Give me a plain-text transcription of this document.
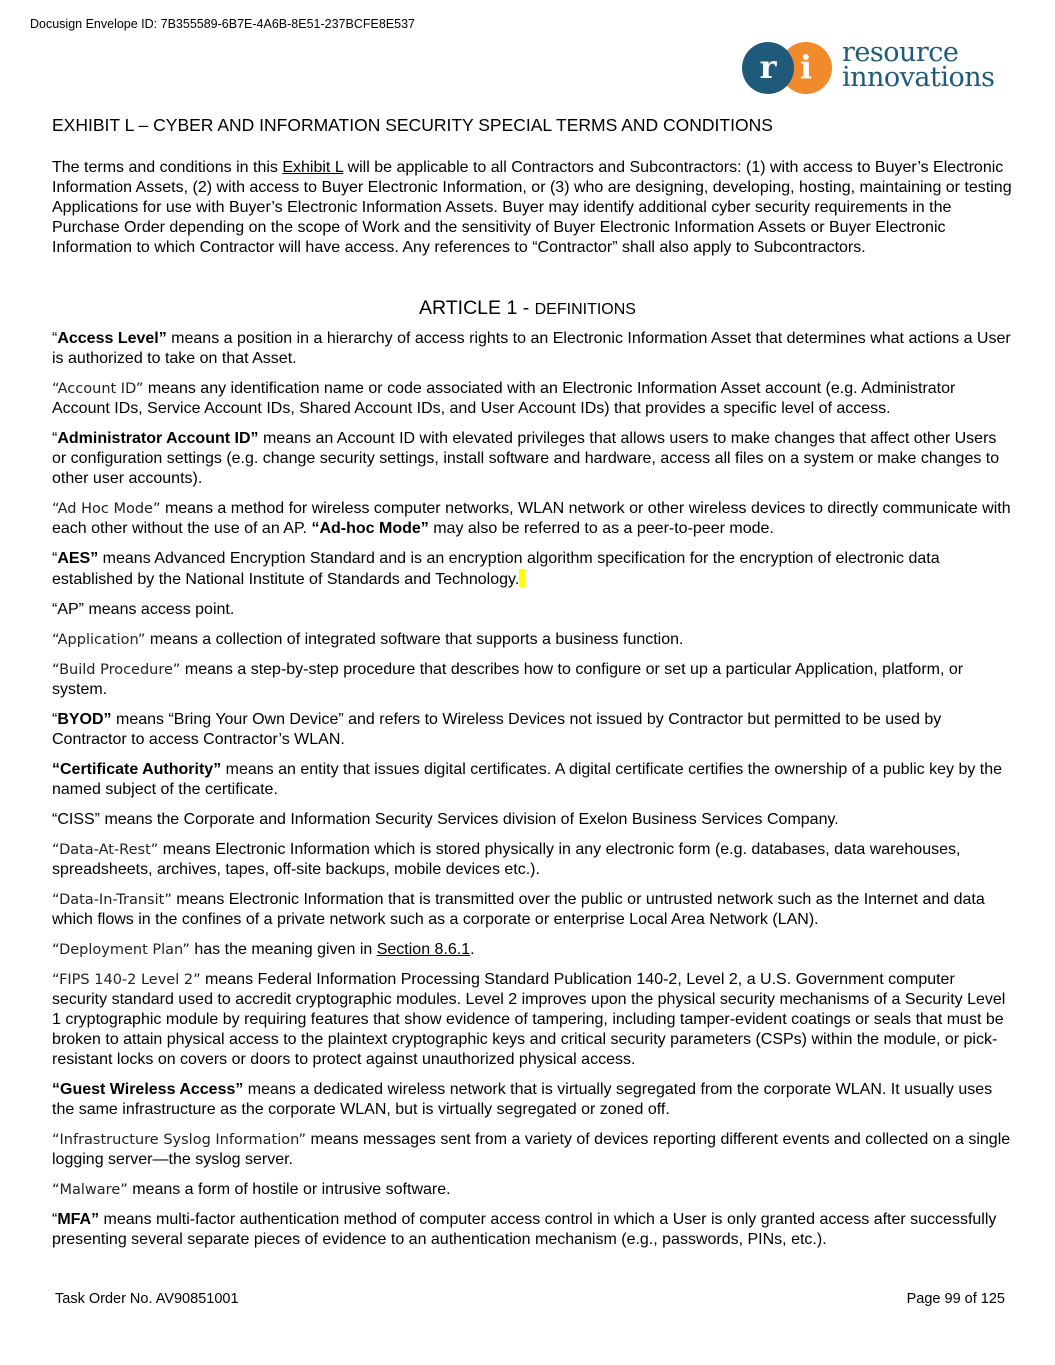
Docusign Envelope ID: 7B355589-6B7E-4A6B-8E51-237BCFE8E537
i
r	resource
innovations
EXHIBIT L – CYBER AND INFORMATION SECURITY SPECIAL TERMS AND CONDITIONS

The terms and conditions in this Exhibit L will be applicable to all Contractors and Subcontractors: (1) with access to Buyer’s Electronic Information Assets, (2) with access to Buyer Electronic Information, or (3) who are designing, developing, hosting, maintaining or testing Applications for use with Buyer’s Electronic Information Assets. Buyer may identify additional cyber security requirements in the Purchase Order depending on the scope of Work and the sensitivity of Buyer Electronic Information Assets or Buyer Electronic Information to which Contractor will have access. Any references to “Contractor” shall also apply to Subcontractors.

ARTICLE 1 - DEFINITIONS

“Access Level” means a position in a hierarchy of access rights to an Electronic Information Asset that determines what actions a User is authorized to take on that Asset.

“Account ID” means any identification name or code associated with an Electronic Information Asset account (e.g. Administrator Account IDs, Service Account IDs, Shared Account IDs, and User Account IDs) that provides a specific level of access.

“Administrator Account ID” means an Account ID with elevated privileges that allows users to make changes that affect other Users or configuration settings (e.g. change security settings, install software and hardware, access all files on a system or make changes to other user accounts).

“Ad Hoc Mode” means a method for wireless computer networks, WLAN network or other wireless devices to directly communicate with each other without the use of an AP. “Ad-hoc Mode” may also be referred to as a peer-to-peer mode.

“AES” means Advanced Encryption Standard and is an encryption algorithm specification for the encryption of electronic data established by the National Institute of Standards and Technology.

“AP” means access point.

“Application” means a collection of integrated software that supports a business function.

“Build Procedure” means a step-by-step procedure that describes how to configure or set up a particular Application, platform, or system.

“BYOD” means “Bring Your Own Device” and refers to Wireless Devices not issued by Contractor but permitted to be used by Contractor to access Contractor’s WLAN.

“Certificate Authority” means an entity that issues digital certificates. A digital certificate certifies the ownership of a public key by the named subject of the certificate.

“CISS” means the Corporate and Information Security Services division of Exelon Business Services Company.

“Data-At-Rest” means Electronic Information which is stored physically in any electronic form (e.g. databases, data warehouses, spreadsheets, archives, tapes, off-site backups, mobile devices etc.).

“Data-In-Transit” means Electronic Information that is transmitted over the public or untrusted network such as the Internet and data which flows in the confines of a private network such as a corporate or enterprise Local Area Network (LAN).

“Deployment Plan” has the meaning given in Section 8.6.1.

“FIPS 140-2 Level 2” means Federal Information Processing Standard Publication 140-2, Level 2, a U.S. Government computer security standard used to accredit cryptographic modules. Level 2 improves upon the physical security mechanisms of a Security Level 1 cryptographic module by requiring features that show evidence of tampering, including tamper-evident coatings or seals that must be broken to attain physical access to the plaintext cryptographic keys and critical security parameters (CSPs) within the module, or pick-resistant locks on covers or doors to protect against unauthorized physical access.

“Guest Wireless Access” means a dedicated wireless network that is virtually segregated from the corporate WLAN. It usually uses the same infrastructure as the corporate WLAN, but is virtually segregated or zoned off.

“Infrastructure Syslog Information” means messages sent from a variety of devices reporting different events and collected on a single logging server—the syslog server.

“Malware” means a form of hostile or intrusive software.

“MFA” means multi-factor authentication method of computer access control in which a User is only granted access after successfully presenting several separate pieces of evidence to an authentication mechanism (e.g., passwords, PINs, etc.).

Task Order No. AV90851001	Page 99 of 125
